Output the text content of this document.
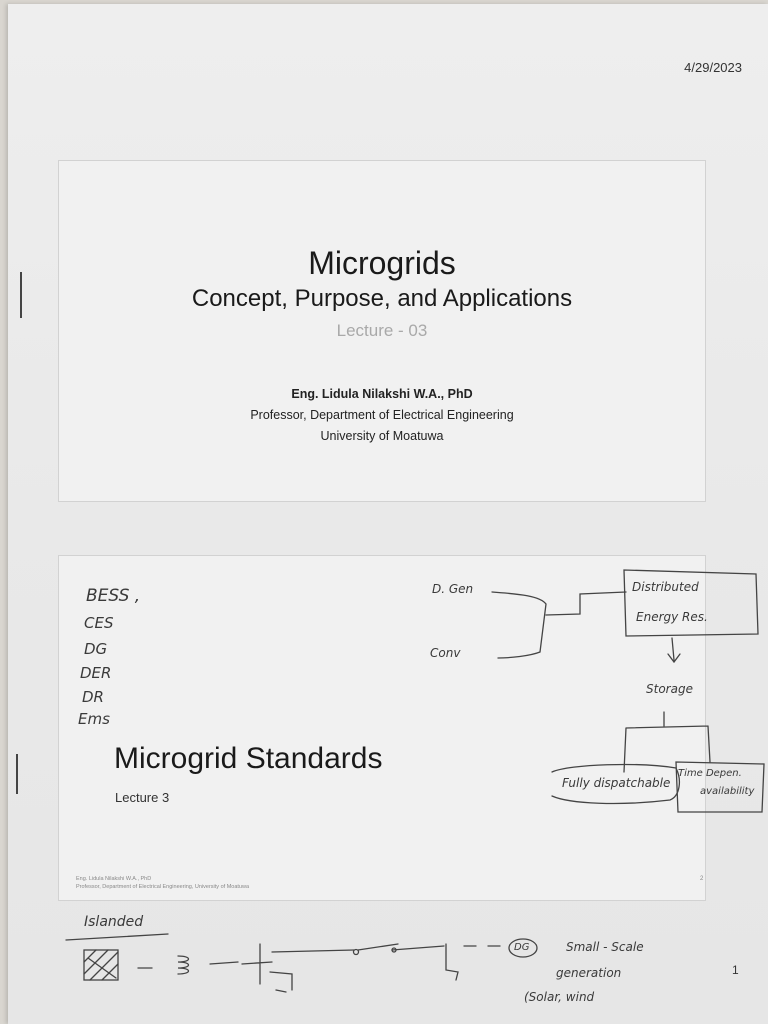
4/29/2023
Microgrids
Concept, Purpose, and Applications
Lecture - 03
Eng. Lidula Nilakshi W.A., PhD
Professor, Department of Electrical Engineering
University of Moatuwa
Microgrid Standards
Lecture 3
Eng. Lidula Nilakshi W.A., PhD
Professor, Department of Electrical Engineering, University of Moatuwa
2
1
BESS ,
CES
DG
DER
DR
Ems
D. Gen
Conv
Distributed
Energy Res.
Storage
Fully dispatchable
Time Depen.
availability
Islanded
DG	Small - Scale
generation
(Solar, wind
